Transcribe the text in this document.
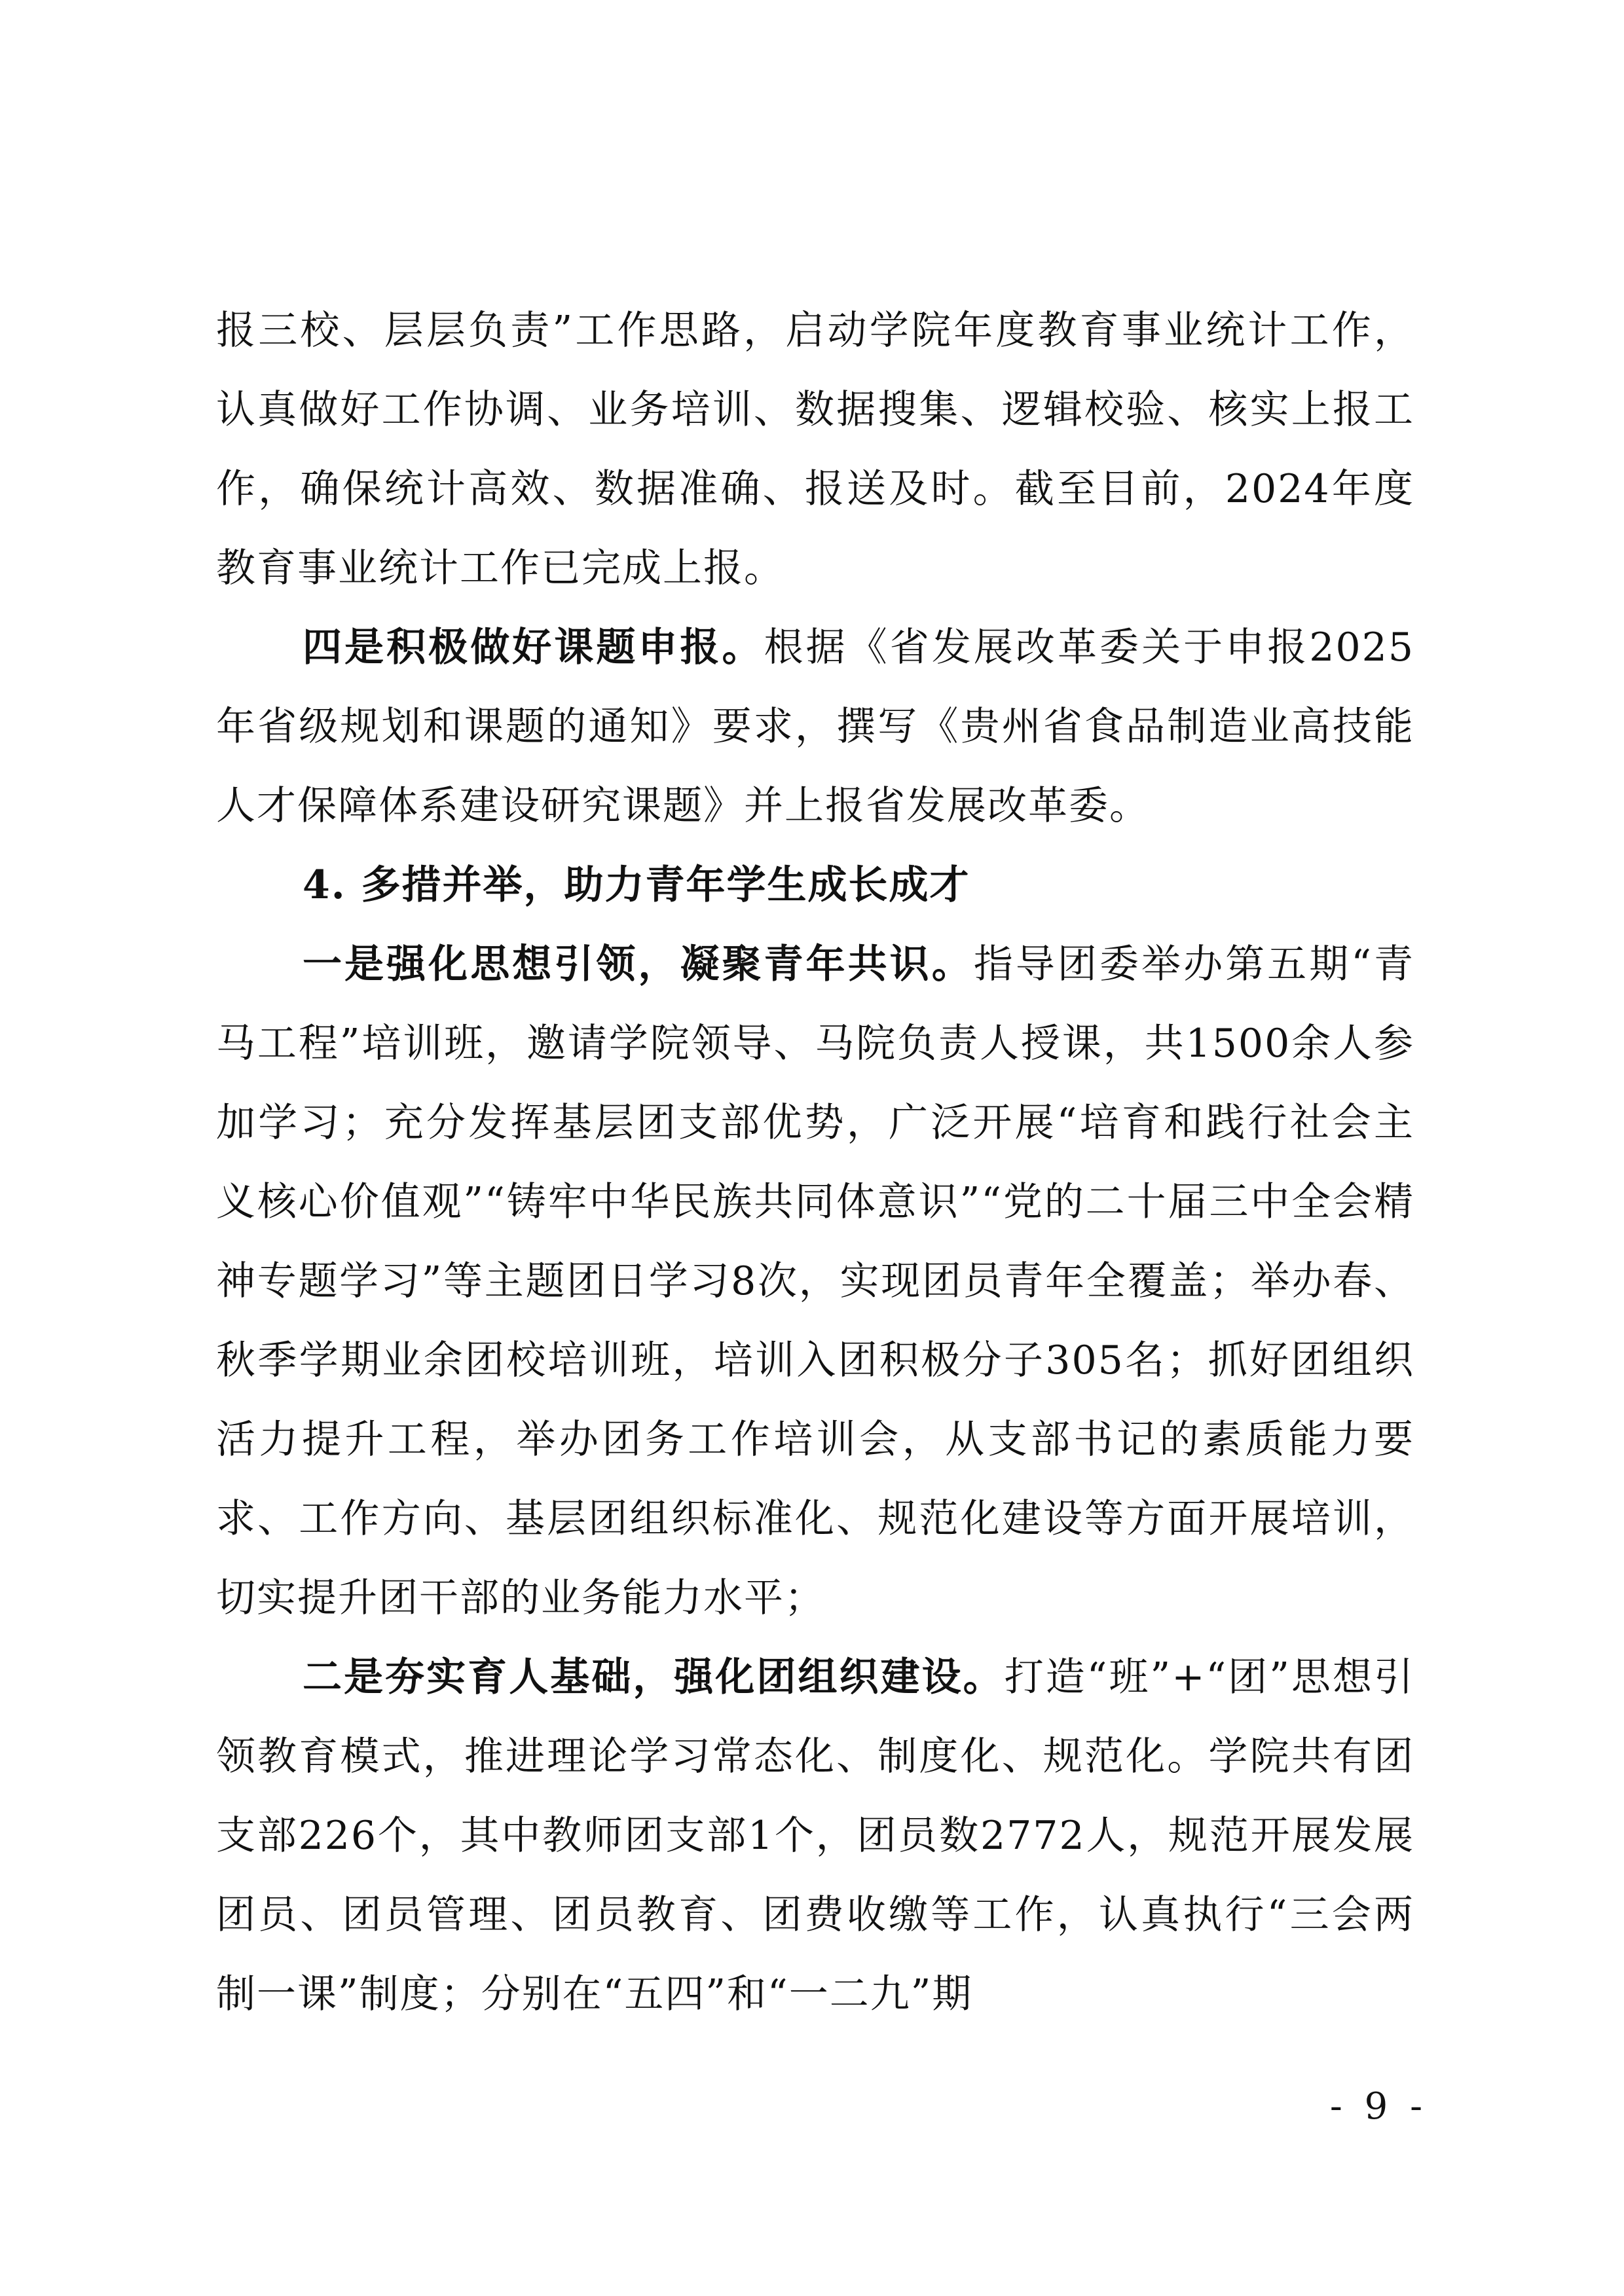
报三校、层层负责”工作思路，启动学院年度教育事业统计工作，认真做好工作协调、业务培训、数据搜集、逻辑校验、核实上报工作，确保统计高效、数据准确、报送及时。截至目前，2024年度教育事业统计工作已完成上报。

四是积极做好课题申报。根据《省发展改革委关于申报2025年省级规划和课题的通知》要求，撰写《贵州省食品制造业高技能人才保障体系建设研究课题》并上报省发展改革委。

4. 多措并举，助力青年学生成长成才

一是强化思想引领，凝聚青年共识。指导团委举办第五期“青马工程”培训班，邀请学院领导、马院负责人授课，共1500余人参加学习；充分发挥基层团支部优势，广泛开展“培育和践行社会主义核心价值观”“铸牢中华民族共同体意识”“党的二十届三中全会精神专题学习”等主题团日学习8次，实现团员青年全覆盖；举办春、秋季学期业余团校培训班，培训入团积极分子305名；抓好团组织活力提升工程，举办团务工作培训会，从支部书记的素质能力要求、工作方向、基层团组织标准化、规范化建设等方面开展培训，切实提升团干部的业务能力水平；

二是夯实育人基础，强化团组织建设。打造“班”+“团”思想引领教育模式，推进理论学习常态化、制度化、规范化。学院共有团支部226个，其中教师团支部1个，团员数2772人，规范开展发展团员、团员管理、团员教育、团费收缴等工作，认真执行“三会两制一课”制度；分别在“五四”和“一二九”期

- 9 -
